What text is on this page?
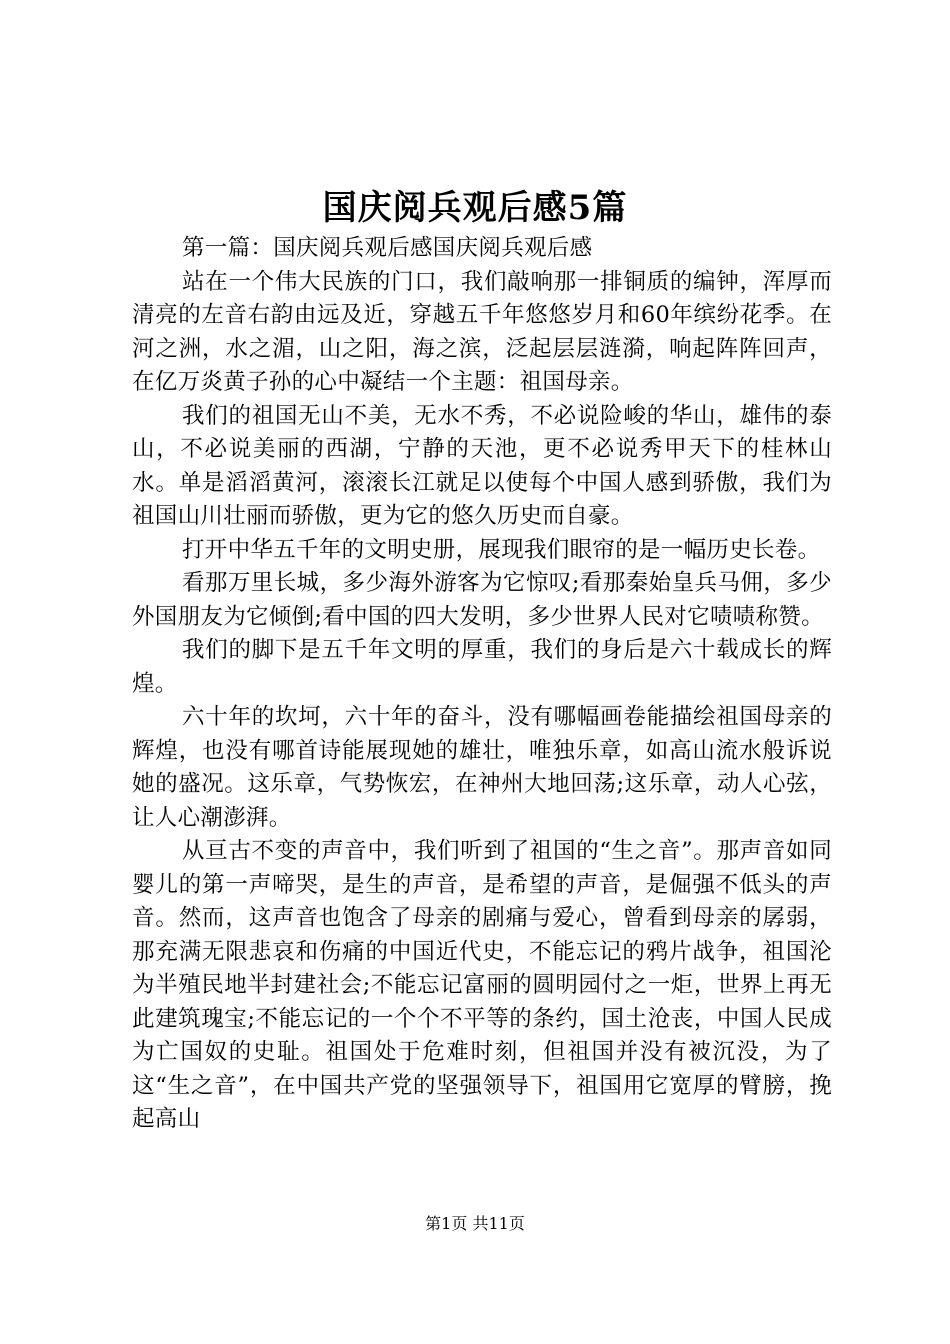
国庆阅兵观后感5篇

第一篇：国庆阅兵观后感国庆阅兵观后感

站在一个伟大民族的门口，我们敲响那一排铜质的编钟，浑厚而清亮的左音右韵由远及近，穿越五千年悠悠岁月和60年缤纷花季。在河之洲，水之湄，山之阳，海之滨，泛起层层涟漪，响起阵阵回声，在亿万炎黄子孙的心中凝结一个主题：祖国母亲。

我们的祖国无山不美，无水不秀，不必说险峻的华山，雄伟的泰山，不必说美丽的西湖，宁静的天池，更不必说秀甲天下的桂林山水。单是滔滔黄河，滚滚长江就足以使每个中国人感到骄傲，我们为祖国山川壮丽而骄傲，更为它的悠久历史而自豪。

打开中华五千年的文明史册，展现我们眼帘的是一幅历史长卷。

看那万里长城，多少海外游客为它惊叹;看那秦始皇兵马佣，多少外国朋友为它倾倒;看中国的四大发明，多少世界人民对它啧啧称赞。

我们的脚下是五千年文明的厚重，我们的身后是六十载成长的辉煌。

六十年的坎坷，六十年的奋斗，没有哪幅画卷能描绘祖国母亲的辉煌，也没有哪首诗能展现她的雄壮，唯独乐章，如高山流水般诉说她的盛况。这乐章，气势恢宏，在神州大地回荡;这乐章，动人心弦，让人心潮澎湃。

从亘古不变的声音中，我们听到了祖国的“生之音”。那声音如同婴儿的第一声啼哭，是生的声音，是希望的声音，是倔强不低头的声音。然而，这声音也饱含了母亲的剧痛与爱心，曾看到母亲的孱弱，那充满无限悲哀和伤痛的中国近代史，不能忘记的鸦片战争，祖国沦为半殖民地半封建社会;不能忘记富丽的圆明园付之一炬，世界上再无此建筑瑰宝;不能忘记的一个个不平等的条约，国土沧丧，中国人民成为亡国奴的史耻。祖国处于危难时刻，但祖国并没有被沉没，为了这“生之音”，在中国共产党的坚强领导下，祖国用它宽厚的臂膀，挽起高山

第1页 共11页
